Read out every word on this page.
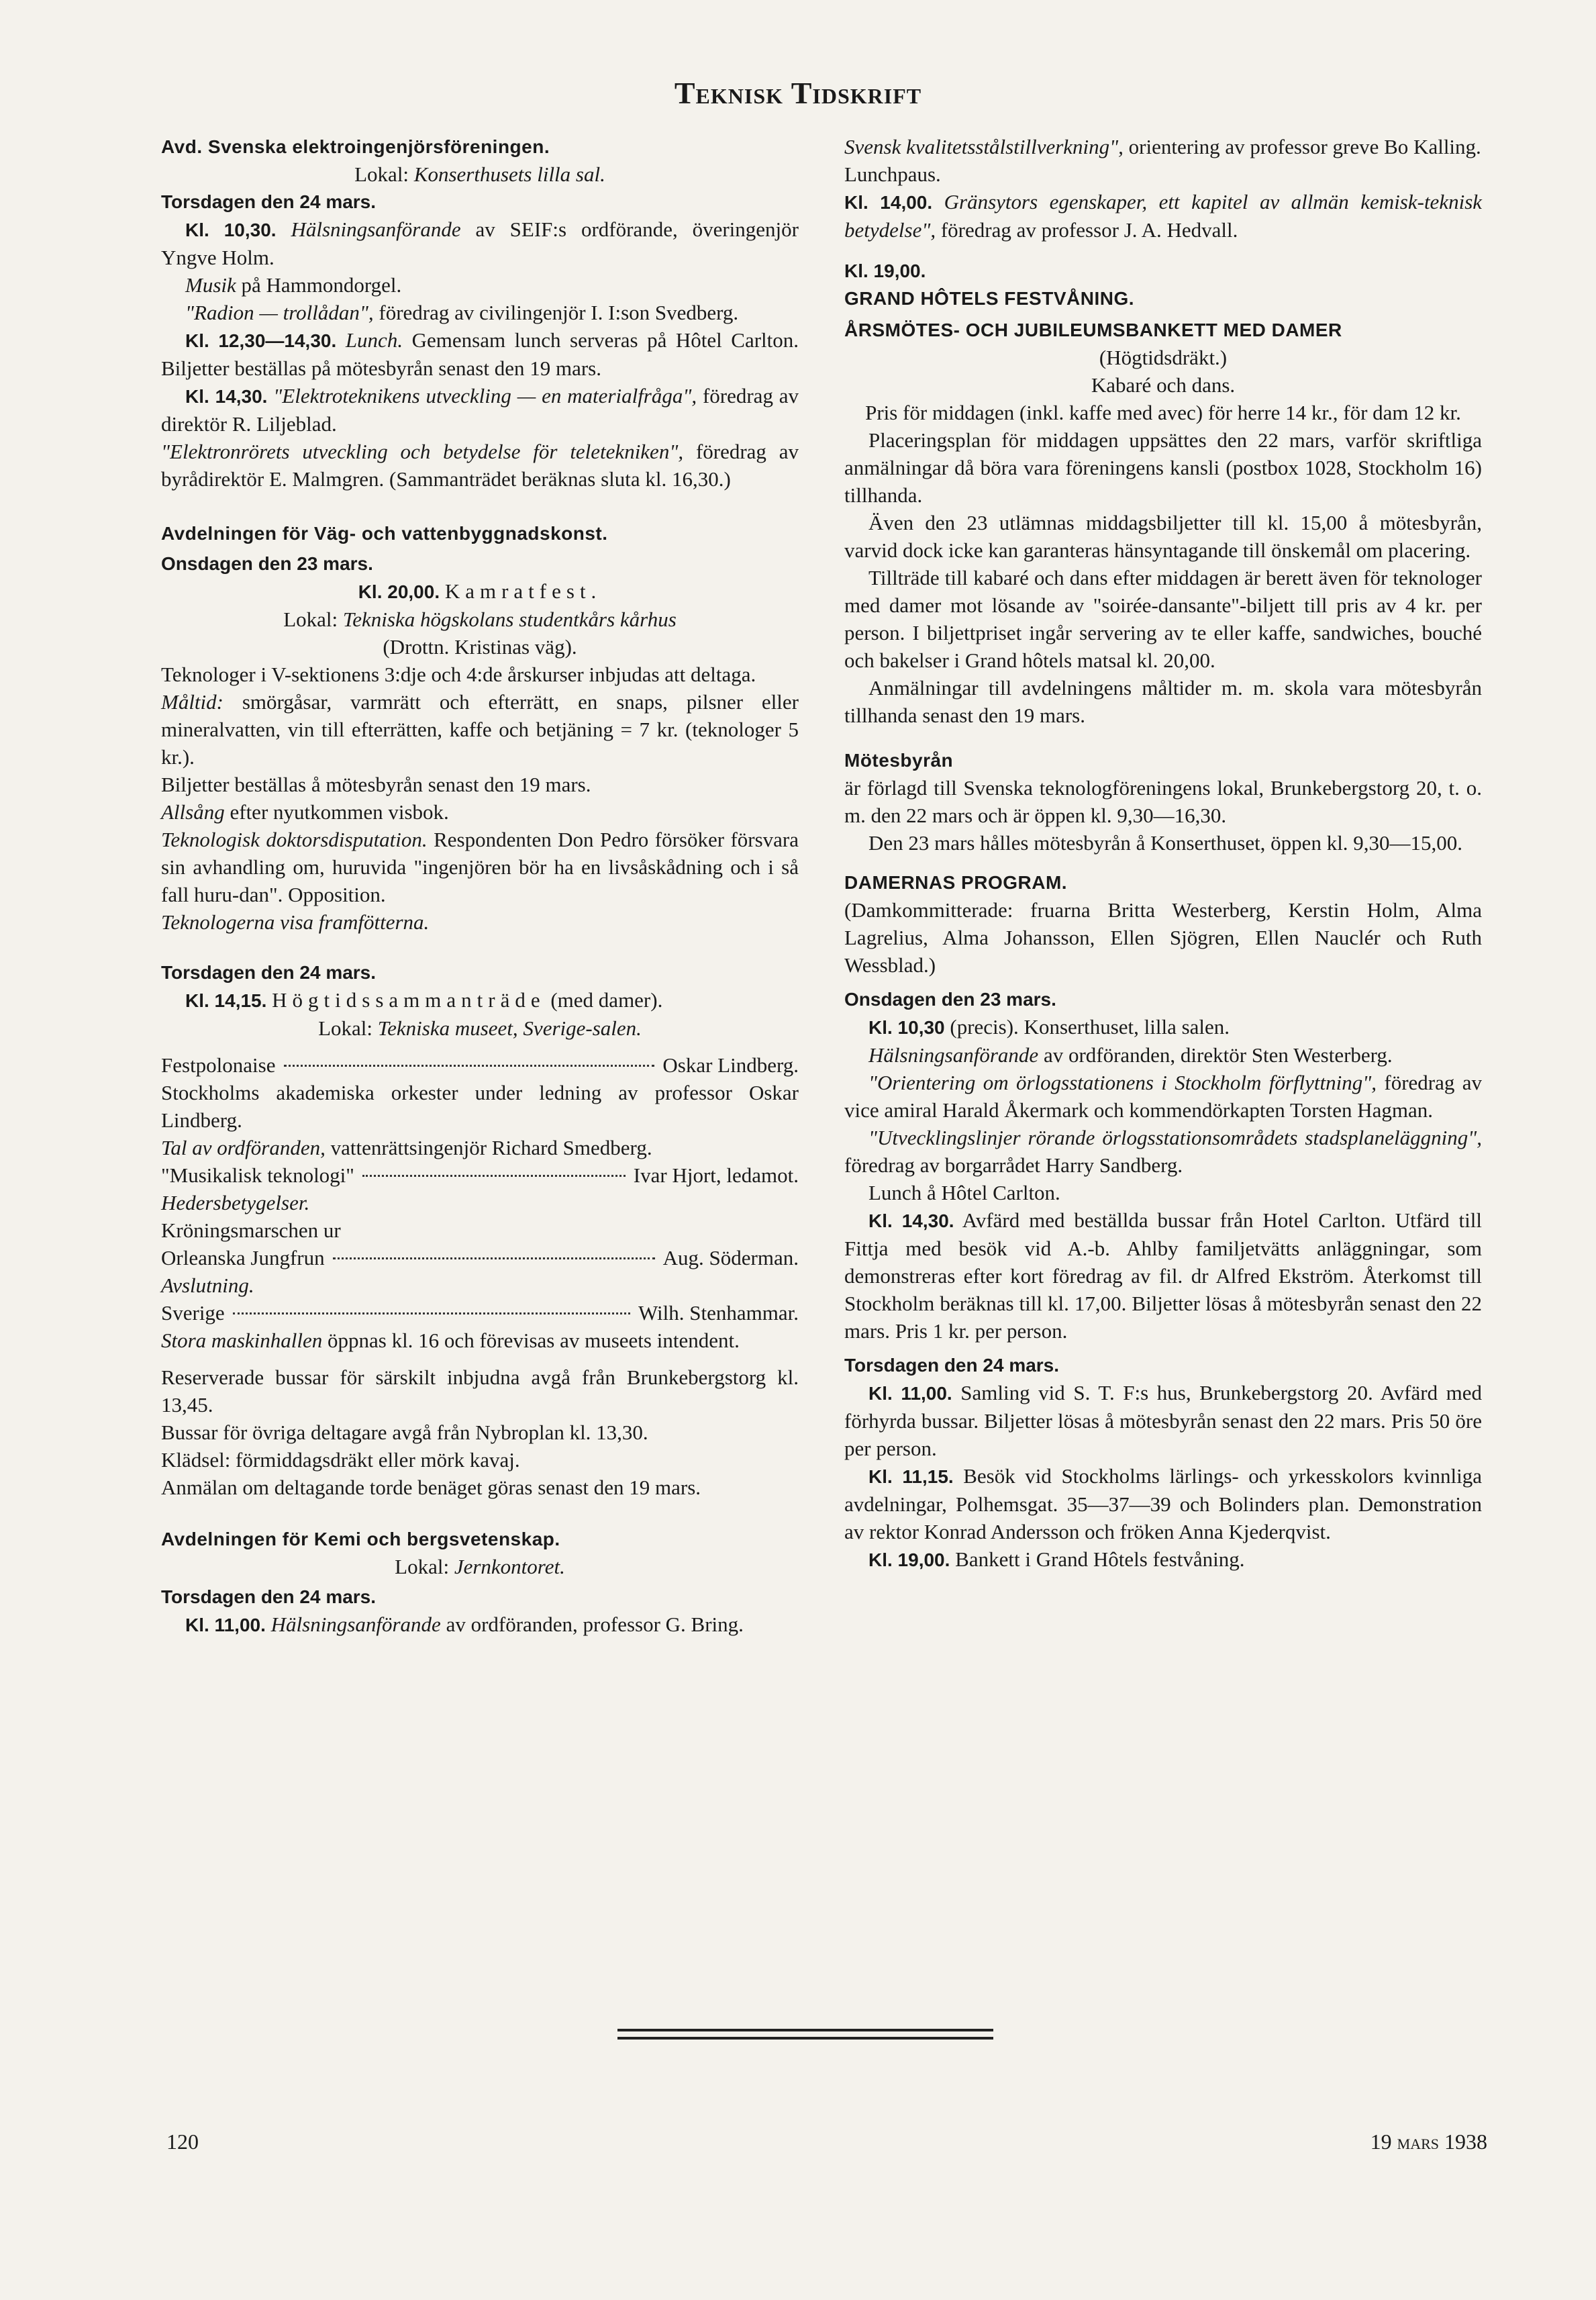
Teknisk Tidskrift

Avd. Svenska elektroingenjörsföreningen.

Lokal: Konserthusets lilla sal.

Torsdagen den 24 mars.

Kl. 10,30. Hälsningsanförande av SEIF:s ordförande, överingenjör Yngve Holm.

Musik på Hammondorgel.

"Radion — trollådan", föredrag av civilingenjör I. I:son Svedberg.

Kl. 12,30—14,30. Lunch. Gemensam lunch serveras på Hôtel Carlton. Biljetter beställas på mötesbyrån senast den 19 mars.

Kl. 14,30. "Elektroteknikens utveckling — en materialfråga", föredrag av direktör R. Liljeblad.

"Elektronrörets utveckling och betydelse för teletekniken", föredrag av byrådirektör E. Malmgren. (Sammanträdet beräknas sluta kl. 16,30.)

Avdelningen för Väg- och vattenbyggnadskonst.

Onsdagen den 23 mars.

Kl. 20,00. Kamratfest.

Lokal: Tekniska högskolans studentkårs kårhus

(Drottn. Kristinas väg).

Teknologer i V-sektionens 3:dje och 4:de årskurser inbjudas att deltaga.

Måltid: smörgåsar, varmrätt och efterrätt, en snaps, pilsner eller mineralvatten, vin till efterrätten, kaffe och betjäning = 7 kr. (teknologer 5 kr.).

Biljetter beställas å mötesbyrån senast den 19 mars.

Allsång efter nyutkommen visbok.

Teknologisk doktorsdisputation. Respondenten Don Pedro försöker försvara sin avhandling om, huruvida "ingenjören bör ha en livsåskådning och i så fall huru-dan". Opposition.

Teknologerna visa framfötterna.

Torsdagen den 24 mars.

Kl. 14,15. Högtidssammanträde (med damer).

Lokal: Tekniska museet, Sverige-salen.

Festpolonaise	Oskar Lindberg.

Stockholms akademiska orkester under ledning av professor Oskar Lindberg.

Tal av ordföranden, vattenrättsingenjör Richard Smedberg.

"Musikalisk teknologi"	Ivar Hjort, ledamot.

Hedersbetygelser.

Kröningsmarschen ur

Orleanska Jungfrun	Aug. Söderman.

Avslutning.

Sverige	Wilh. Stenhammar.

Stora maskinhallen öppnas kl. 16 och förevisas av museets intendent.

Reserverade bussar för särskilt inbjudna avgå från Brunkebergstorg kl. 13,45.

Bussar för övriga deltagare avgå från Nybroplan kl. 13,30.

Klädsel: förmiddagsdräkt eller mörk kavaj.

Anmälan om deltagande torde benäget göras senast den 19 mars.

Avdelningen för Kemi och bergsvetenskap.

Lokal: Jernkontoret.

Torsdagen den 24 mars.

Kl. 11,00. Hälsningsanförande av ordföranden, professor G. Bring.

Svensk kvalitetsstålstillverkning", orientering av professor greve Bo Kalling.

Lunchpaus.

Kl. 14,00. Gränsytors egenskaper, ett kapitel av allmän kemisk-teknisk betydelse", föredrag av professor J. A. Hedvall.

Kl. 19,00.

GRAND HÔTELS FESTVÅNING.

ÅRSMÖTES- OCH JUBILEUMSBANKETT MED DAMER

(Högtidsdräkt.)

Kabaré och dans.

Pris för middagen (inkl. kaffe med avec) för herre 14 kr., för dam 12 kr.

Placeringsplan för middagen uppsättes den 22 mars, varför skriftliga anmälningar då böra vara föreningens kansli (postbox 1028, Stockholm 16) tillhanda.

Även den 23 utlämnas middagsbiljetter till kl. 15,00 å mötesbyrån, varvid dock icke kan garanteras hänsyntagande till önskemål om placering.

Tillträde till kabaré och dans efter middagen är berett även för teknologer med damer mot lösande av "soirée-dansante"-biljett till pris av 4 kr. per person. I biljettpriset ingår servering av te eller kaffe, sandwiches, bouché och bakelser i Grand hôtels matsal kl. 20,00.

Anmälningar till avdelningens måltider m. m. skola vara mötesbyrån tillhanda senast den 19 mars.

Mötesbyrån

är förlagd till Svenska teknologföreningens lokal, Brunkebergstorg 20, t. o. m. den 22 mars och är öppen kl. 9,30—16,30.

Den 23 mars hålles mötesbyrån å Konserthuset, öppen kl. 9,30—15,00.

DAMERNAS PROGRAM.

(Damkommitterade: fruarna Britta Westerberg, Kerstin Holm, Alma Lagrelius, Alma Johansson, Ellen Sjögren, Ellen Nauclér och Ruth Wessblad.)

Onsdagen den 23 mars.

Kl. 10,30 (precis). Konserthuset, lilla salen.

Hälsningsanförande av ordföranden, direktör Sten Westerberg.

"Orientering om örlogsstationens i Stockholm förflyttning", föredrag av vice amiral Harald Åkermark och kommendörkapten Torsten Hagman.

"Utvecklingslinjer rörande örlogsstationsområdets stadsplaneläggning", föredrag av borgarrådet Harry Sandberg.

Lunch å Hôtel Carlton.

Kl. 14,30. Avfärd med beställda bussar från Hotel Carlton. Utfärd till Fittja med besök vid A.-b. Ahlby familjetvätts anläggningar, som demonstreras efter kort föredrag av fil. dr Alfred Ekström. Återkomst till Stockholm beräknas till kl. 17,00. Biljetter lösas å mötesbyrån senast den 22 mars. Pris 1 kr. per person.

Torsdagen den 24 mars.

Kl. 11,00. Samling vid S. T. F:s hus, Brunkebergstorg 20. Avfärd med förhyrda bussar. Biljetter lösas å mötesbyrån senast den 22 mars. Pris 50 öre per person.

Kl. 11,15. Besök vid Stockholms lärlings- och yrkesskolors kvinnliga avdelningar, Polhemsgat. 35—37—39 och Bolinders plan. Demonstration av rektor Konrad Andersson och fröken Anna Kjederqvist.

Kl. 19,00. Bankett i Grand Hôtels festvåning.

120	19 mars 1938
